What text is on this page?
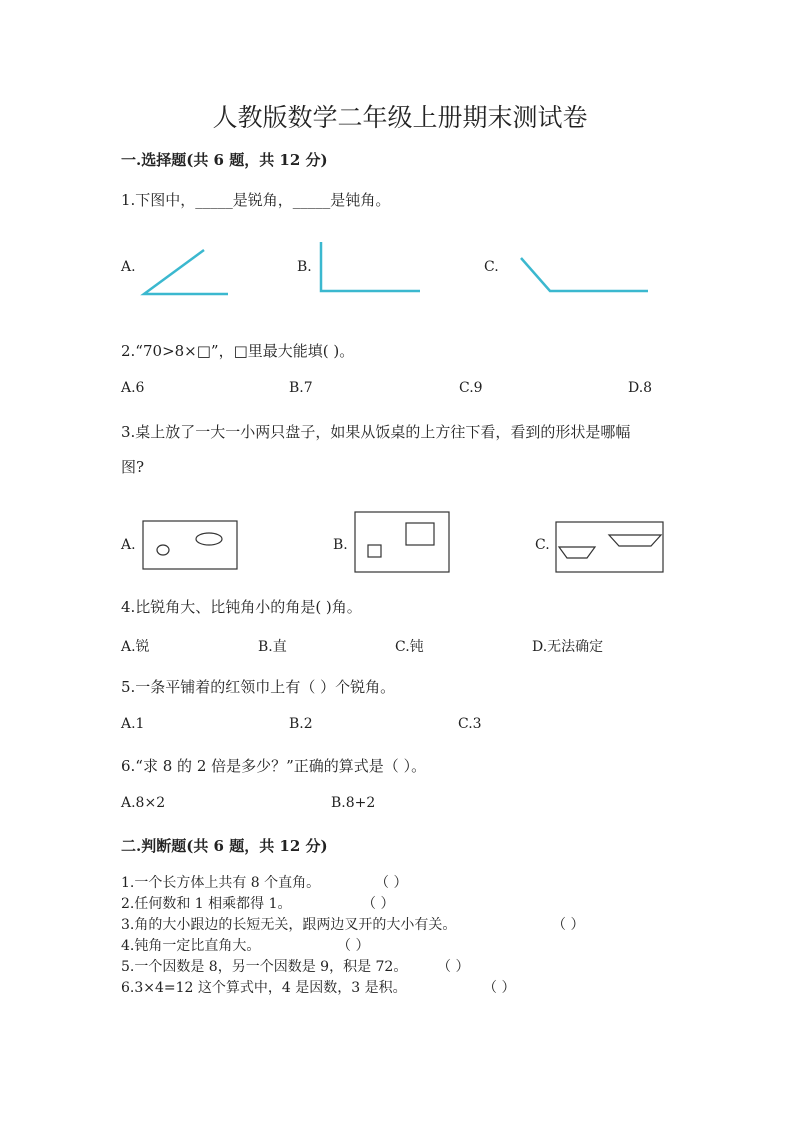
人教版数学二年级上册期末测试卷
一.选择题(共 6 题，共 12 分)
1.下图中，_____是锐角，_____是钝角。
A.	B.	C.
2.“70>8×□”，□里最大能填( )。
A.6	B.7	C.9	D.8
3.桌上放了一大一小两只盘子，如果从饭桌的上方往下看，看到的形状是哪幅
图?
A.	B.	C.
4.比锐角大、比钝角小的角是( )角。
A.锐	B.直	C.钝	D.无法确定
5.一条平铺着的红领巾上有（ ）个锐角。
A.1	B.2	C.3
6.“求 8 的 2 倍是多少？”正确的算式是（ ）。
A.8×2	B.8+2
二.判断题(共 6 题，共 12 分)
1.一个长方体上共有 8 个直角。	（ ）
2.任何数和 1 相乘都得 1。	（ ）
3.角的大小跟边的长短无关，跟两边叉开的大小有关。	（ ）
4.钝角一定比直角大。	（ ）
5.一个因数是 8，另一个因数是 9，积是 72。 （ ）
6.3×4=12 这个算式中，4 是因数，3 是积。	（ ）
